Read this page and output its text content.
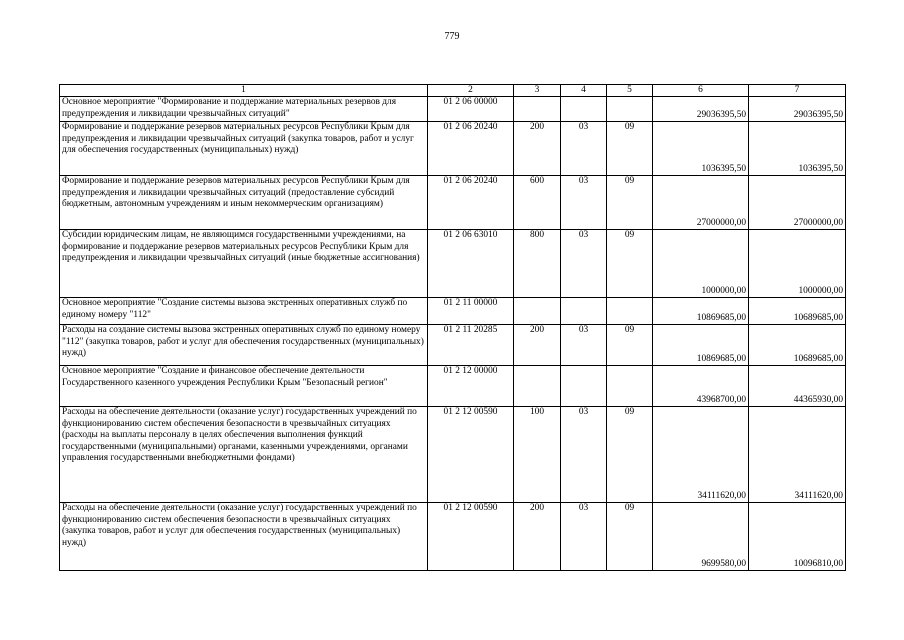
779
1	2	3	4	5	6	7
Основное мероприятие "Формирование и поддержание материальных резервов для предупреждения и ликвидации чрезвычайных ситуаций"	01 2 06 00000				29036395,50	29036395,50
Формирование и поддержание резервов материальных ресурсов Республики Крым для предупреждения и ликвидации чрезвычайных ситуаций (закупка товаров, работ и услуг для обеспечения государственных (муниципальных) нужд)	01 2 06 20240	200	03	09	1036395,50	1036395,50
Формирование и поддержание резервов материальных ресурсов Республики Крым для предупреждения и ликвидации чрезвычайных ситуаций (предоставление субсидий бюджетным, автономным учреждениям и иным некоммерческим организациям)	01 2 06 20240	600	03	09	27000000,00	27000000,00
Субсидии юридическим лицам, не являющимся государственными учреждениями, на формирование и поддержание резервов материальных ресурсов Республики Крым для предупреждения и ликвидации чрезвычайных ситуаций (иные бюджетные ассигнования)	01 2 06 63010	800	03	09	1000000,00	1000000,00
Основное мероприятие "Создание системы вызова экстренных оперативных служб по единому номеру "112"	01 2 11 00000				10869685,00	10689685,00
Расходы на создание системы вызова экстренных оперативных служб по единому номеру "112" (закупка товаров, работ и услуг для обеспечения государственных (муниципальных) нужд)	01 2 11 20285	200	03	09	10869685,00	10689685,00
Основное мероприятие "Создание и финансовое обеспечение деятельности Государственного казенного учреждения Республики Крым "Безопасный регион"	01 2 12 00000				43968700,00	44365930,00
Расходы на обеспечение деятельности (оказание услуг) государственных учреждений по функционированию систем обеспечения безопасности в чрезвычайных ситуациях (расходы на выплаты персоналу в целях обеспечения выполнения функций государственными (муниципальными) органами, казенными учреждениями, органами управления государственными внебюджетными фондами)	01 2 12 00590	100	03	09	34111620,00	34111620,00
Расходы на обеспечение деятельности (оказание услуг) государственных учреждений по функционированию систем обеспечения безопасности в чрезвычайных ситуациях (закупка товаров, работ и услуг для обеспечения государственных (муниципальных) нужд)	01 2 12 00590	200	03	09	9699580,00	10096810,00
